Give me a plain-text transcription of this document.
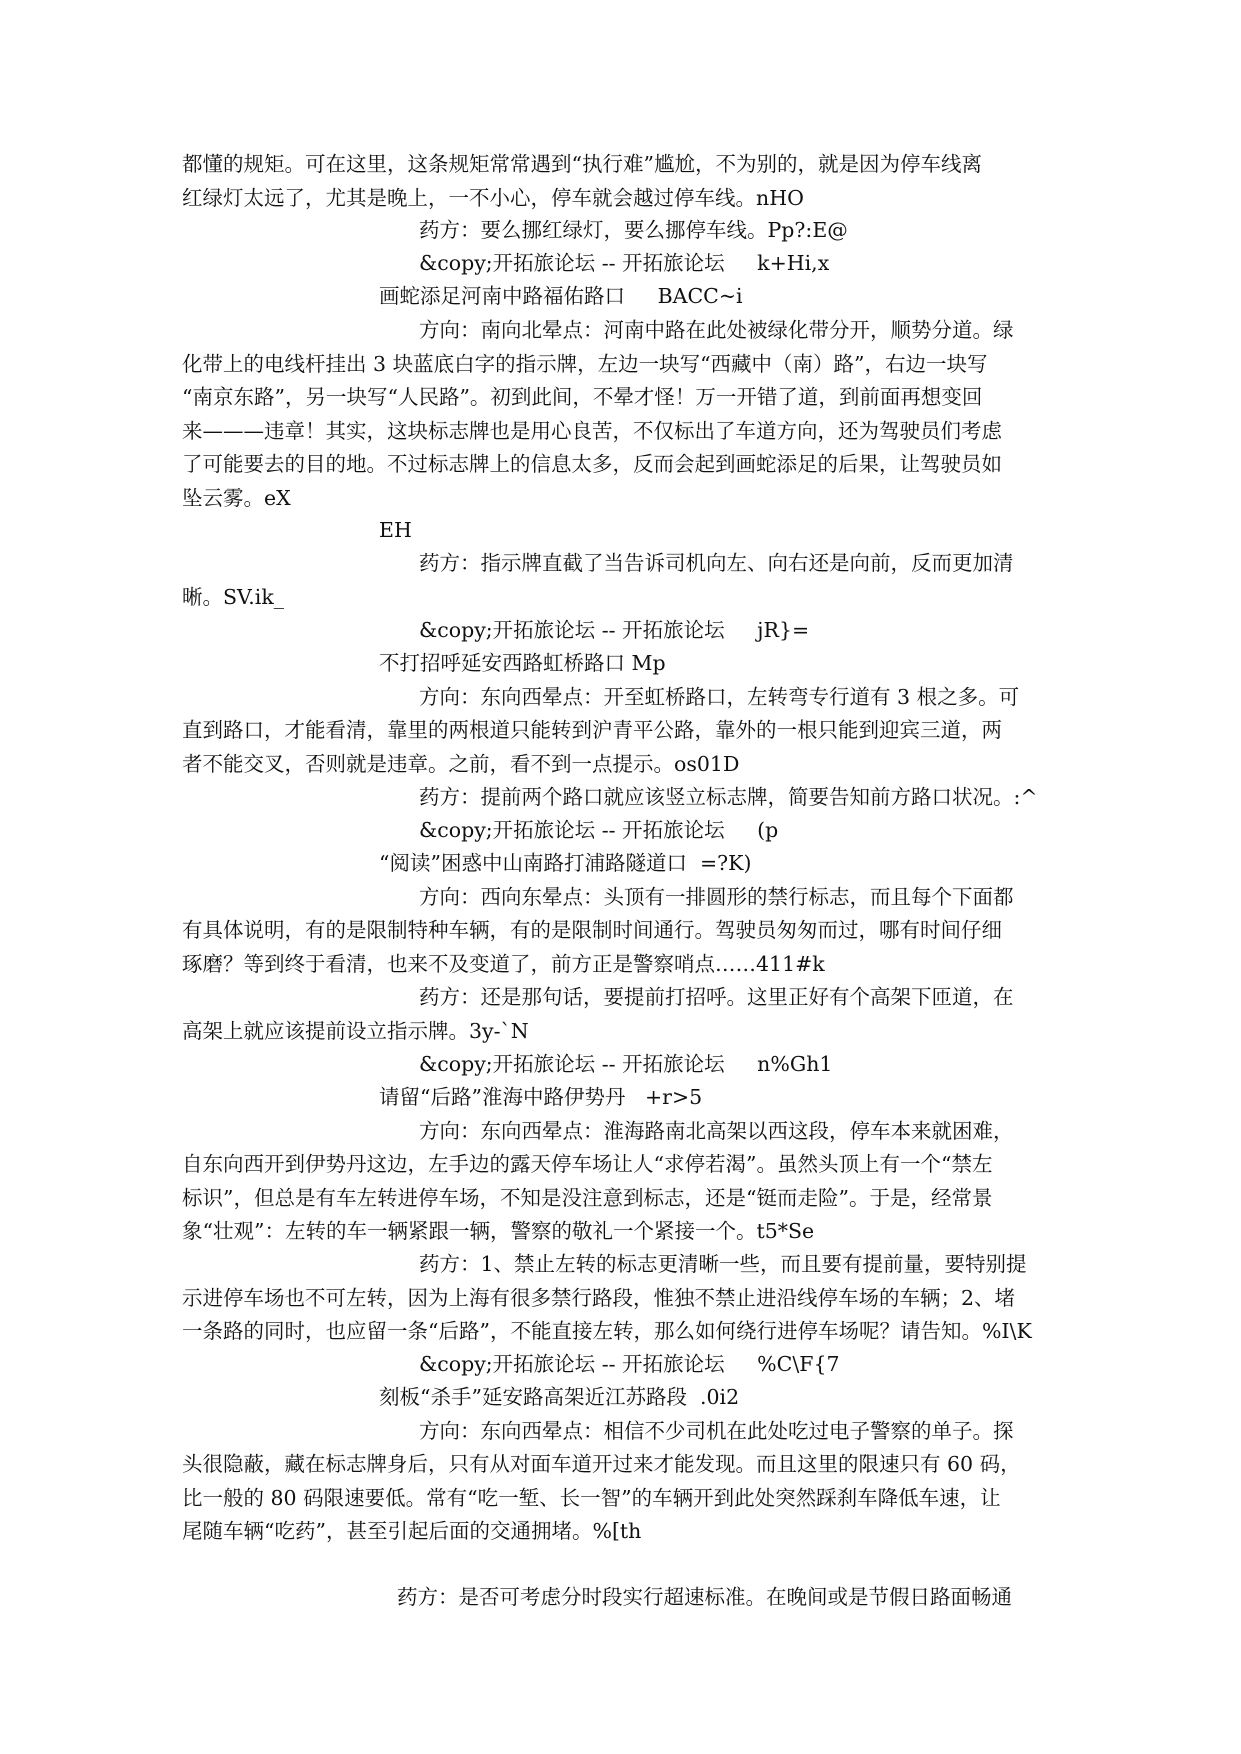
都懂的规矩。可在这里，这条规矩常常遇到“执行难”尴尬，不为别的，就是因为停车线离
红绿灯太远了，尤其是晚上，一不小心，停车就会越过停车线。nHO
药方：要么挪红绿灯，要么挪停车线。Pp?:E@
&copy;开拓旅论坛 -- 开拓旅论坛     k+Hi,x
画蛇添足河南中路福佑路口     BACC~i
方向：南向北晕点：河南中路在此处被绿化带分开，顺势分道。绿
化带上的电线杆挂出 3 块蓝底白字的指示牌，左边一块写“西藏中（南）路”，右边一块写
“南京东路”，另一块写“人民路”。初到此间，不晕才怪！万一开错了道，到前面再想变回
来———违章！其实，这块标志牌也是用心良苦，不仅标出了车道方向，还为驾驶员们考虑
了可能要去的目的地。不过标志牌上的信息太多，反而会起到画蛇添足的后果，让驾驶员如
坠云雾。eX
EH
药方：指示牌直截了当告诉司机向左、向右还是向前，反而更加清
晰。SV.ik_
&copy;开拓旅论坛 -- 开拓旅论坛     jR}=
不打招呼延安西路虹桥路口 Mp
方向：东向西晕点：开至虹桥路口，左转弯专行道有 3 根之多。可
直到路口，才能看清，靠里的两根道只能转到沪青平公路，靠外的一根只能到迎宾三道，两
者不能交叉，否则就是违章。之前，看不到一点提示。os01D
药方：提前两个路口就应该竖立标志牌，简要告知前方路口状况。:^
&copy;开拓旅论坛 -- 开拓旅论坛     (p
“阅读”困惑中山南路打浦路隧道口  =?K)
方向：西向东晕点：头顶有一排圆形的禁行标志，而且每个下面都
有具体说明，有的是限制特种车辆，有的是限制时间通行。驾驶员匆匆而过，哪有时间仔细
琢磨？等到终于看清，也来不及变道了，前方正是警察哨点……411#k
药方：还是那句话，要提前打招呼。这里正好有个高架下匝道，在
高架上就应该提前设立指示牌。3y-`N
&copy;开拓旅论坛 -- 开拓旅论坛     n%Gh1
请留“后路”淮海中路伊势丹   +r>5
方向：东向西晕点：淮海路南北高架以西这段，停车本来就困难，
自东向西开到伊势丹这边，左手边的露天停车场让人“求停若渴”。虽然头顶上有一个“禁左
标识”，但总是有车左转进停车场，不知是没注意到标志，还是“铤而走险”。于是，经常景
象“壮观”：左转的车一辆紧跟一辆，警察的敬礼一个紧接一个。t5*Se
药方：1、禁止左转的标志更清晰一些，而且要有提前量，要特别提
示进停车场也不可左转，因为上海有很多禁行路段，惟独不禁止进沿线停车场的车辆；2、堵
一条路的同时，也应留一条“后路”，不能直接左转，那么如何绕行进停车场呢？请告知。%I\K
&copy;开拓旅论坛 -- 开拓旅论坛     %C\F{7
刻板“杀手”延安路高架近江苏路段  .0i2
方向：东向西晕点：相信不少司机在此处吃过电子警察的单子。探
头很隐蔽，藏在标志牌身后，只有从对面车道开过来才能发现。而且这里的限速只有 60 码，
比一般的 80 码限速要低。常有“吃一堑、长一智”的车辆开到此处突然踩刹车降低车速，让
尾随车辆“吃药”，甚至引起后面的交通拥堵。%[th
药方：是否可考虑分时段实行超速标准。在晚间或是节假日路面畅通
